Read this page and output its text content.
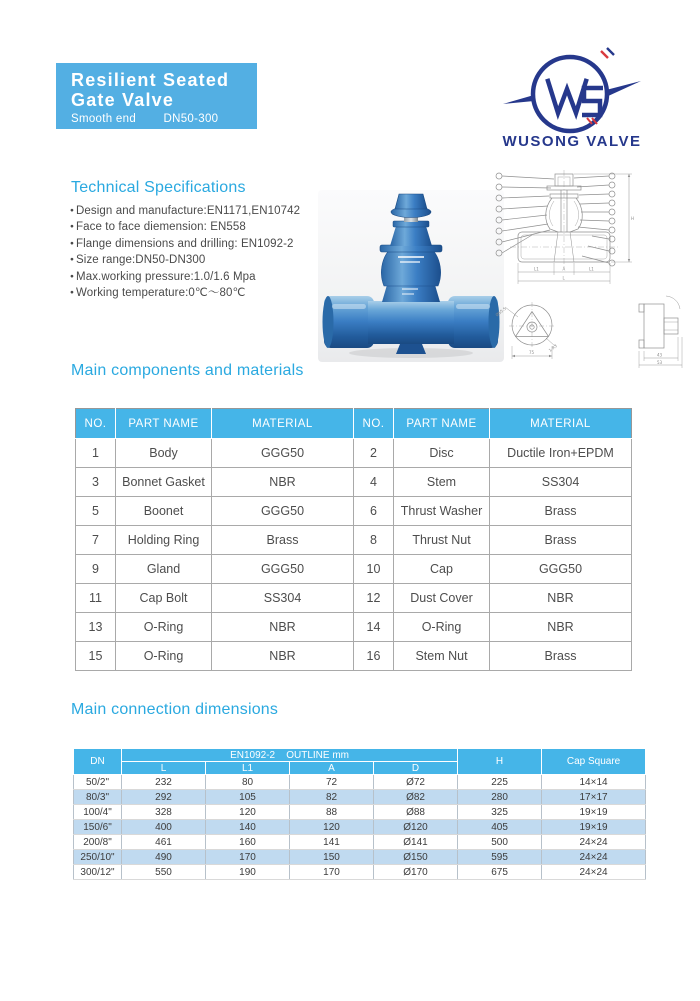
Resilient Seated
Gate Valve
Smooth end DN50-300
WUSONG VALVE
Technical Specifications
● Design and manufacture:EN1171,EN10742
● Face to face diemension: EN558
● Flange dimensions and drilling: EN1092-2
● Size range:DN50-DN300
● Max.working pressure:1.0/1.6 Mpa
● Working temperature:0℃～80℃
H
L1	A	L1
L
Ø55.5
1-R3
75	43
53
Main components and materials
NO.	PART NAME	MATERIAL	NO.	PART NAME	MATERIAL
1	Body	GGG50	2	Disc	Ductile Iron+EPDM
3	Bonnet Gasket	NBR	4	Stem	SS304
5	Boonet	GGG50	6	Thrust Washer	Brass
7	Holding Ring	Brass	8	Thrust Nut	Brass
9	Gland	GGG50	10	Cap	GGG50
11	Cap Bolt	SS304	12	Dust Cover	NBR
13	O-Ring	NBR	14	O-Ring	NBR
15	O-Ring	NBR	16	Stem Nut	Brass
Main connection dimensions
DN	EN1092-2    OUTLINE mm				H	Cap Square
	L	L1	A	D		
50/2"	232	80	72	Ø72	225	14×14
80/3"	292	105	82	Ø82	280	17×17
100/4"	328	120	88	Ø88	325	19×19
150/6"	400	140	120	Ø120	405	19×19
200/8"	461	160	141	Ø141	500	24×24
250/10"	490	170	150	Ø150	595	24×24
300/12"	550	190	170	Ø170	675	24×24
